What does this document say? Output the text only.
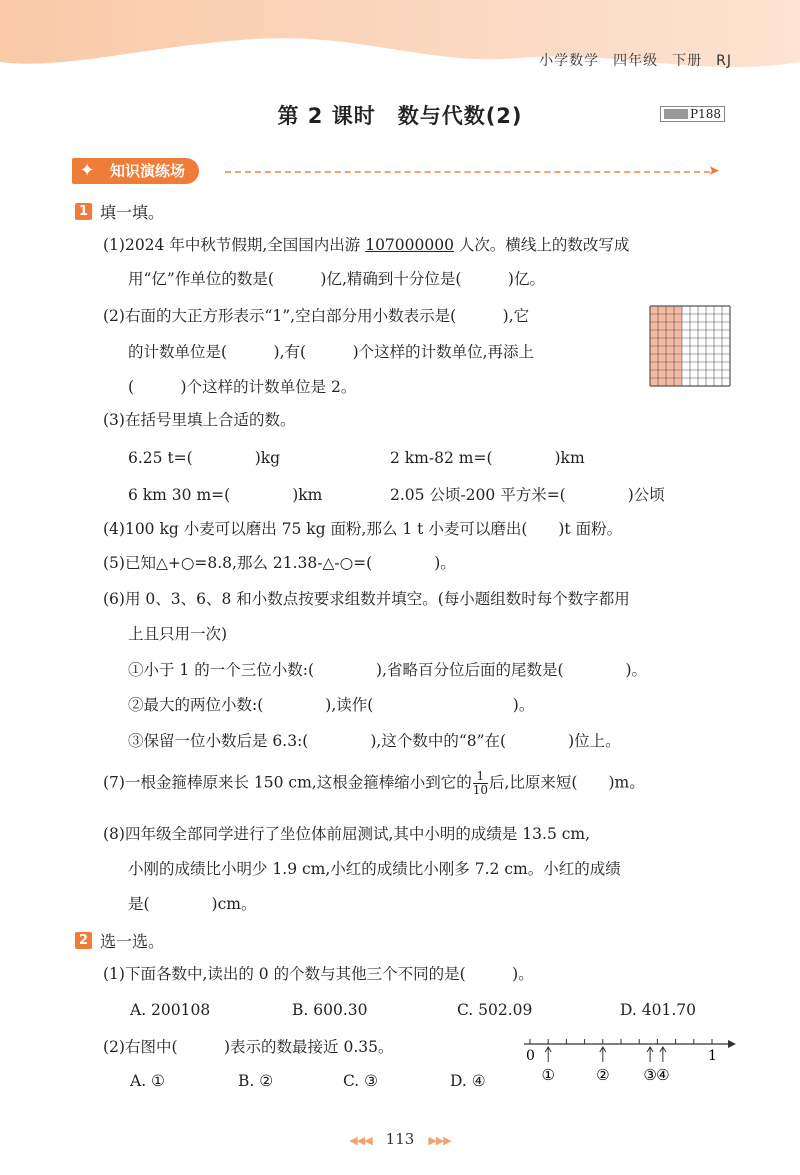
小学数学 四年级 下册 RJ
第 2 课时　数与代数(2)	P188
知识演练场
✦	➤
1 填一填。
(1)2024 年中秋节假期,全国国内出游 107000000 人次。横线上的数改写成
用“亿”作单位的数是(　　　)亿,精确到十分位是(　　　)亿。
(2)右面的大正方形表示“1”,空白部分用小数表示是(　　　),它
的计数单位是(　　　),有(　　　)个这样的计数单位,再添上
(　　　)个这样的计数单位是 2。
(3)在括号里填上合适的数。
6.25 t=(　　　　)kg	2 km-82 m=(　　　　)km
6 km 30 m=(　　　　)km	2.05 公顷-200 平方米=(　　　　)公顷
(4)100 kg 小麦可以磨出 75 kg 面粉,那么 1 t 小麦可以磨出(　　)t 面粉。
(5)已知△+○=8.8,那么 21.38-△-○=(　　　　)。
(6)用 0、3、6、8 和小数点按要求组数并填空。(每小题组数时每个数字都用
上且只用一次)
①小于 1 的一个三位小数:(　　　　),省略百分位后面的尾数是(　　　　)。
②最大的两位小数:(　　　　),读作(　　　　　　　　　)。
③保留一位小数后是 6.3:(　　　　),这个数中的“8”在(　　　　)位上。
(7)一根金箍棒原来长 150 cm,这根金箍棒缩小到它的 $\frac{1}{10}$ 后,比原来短(　　)m。
(8)四年级全部同学进行了坐位体前屈测试,其中小明的成绩是 13.5 cm,
小刚的成绩比小明少 1.9 cm,小红的成绩比小刚多 7.2 cm。小红的成绩
是(　　　　)cm。
2 选一选。
(1)下面各数中,读出的 0 的个数与其他三个不同的是(　　　)。
A. 200108	B. 600.30	C. 502.09	D. 401.70
(2)右图中(　　　)表示的数最接近 0.35。
A. ①	B. ②	C. ③	D. ④
0	1
①	② ③ ④
◀◀◀ 113 ▶▶▶
